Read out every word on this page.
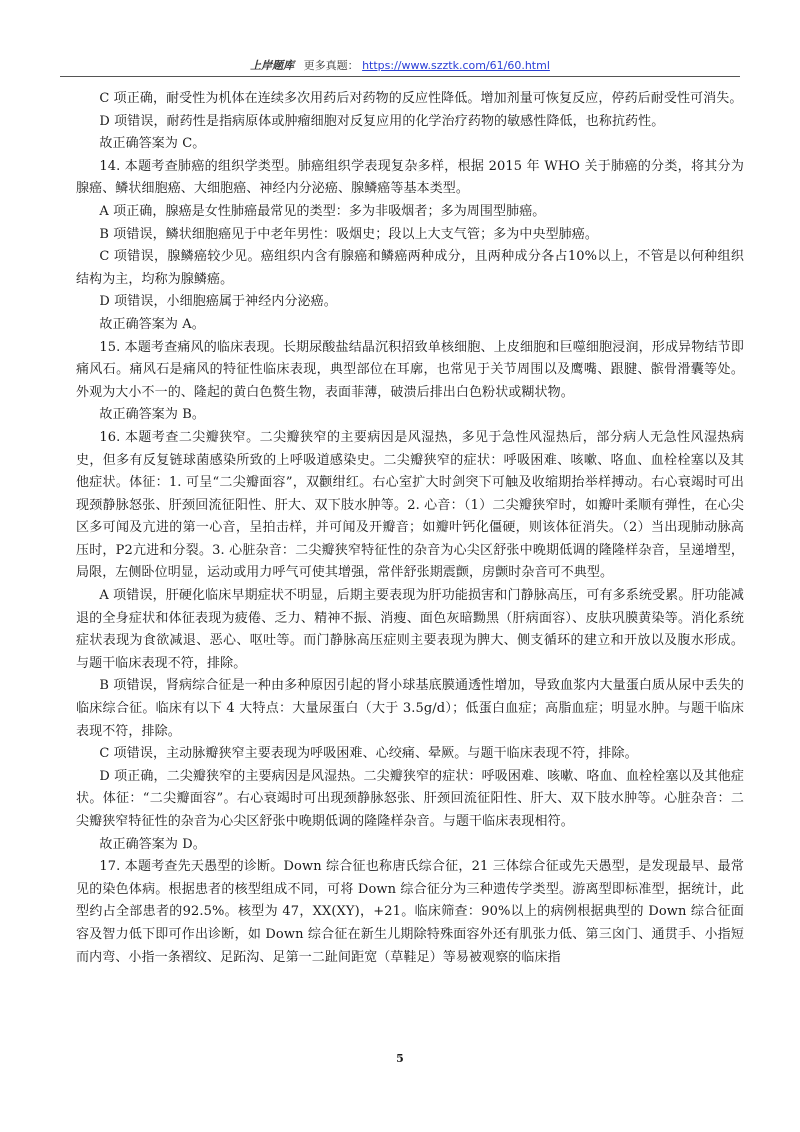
上岸题库 更多真题： https://www.szztk.com/61/60.html

C 项正确，耐受性为机体在连续多次用药后对药物的反应性降低。增加剂量可恢复反应，停药后耐受性可消失。

D 项错误，耐药性是指病原体或肿瘤细胞对反复应用的化学治疗药物的敏感性降低，也称抗药性。

故正确答案为 C。

14. 本题考查肺癌的组织学类型。肺癌组织学表现复杂多样，根据 2015 年 WHO 关于肺癌的分类，将其分为腺癌、鳞状细胞癌、大细胞癌、神经内分泌癌、腺鳞癌等基本类型。

A 项正确，腺癌是女性肺癌最常见的类型：多为非吸烟者；多为周围型肺癌。

B 项错误，鳞状细胞癌见于中老年男性：吸烟史；段以上大支气管；多为中央型肺癌。

C 项错误，腺鳞癌较少见。癌组织内含有腺癌和鳞癌两种成分，且两种成分各占10%以上，不管是以何种组织结构为主，均称为腺鳞癌。

D 项错误，小细胞癌属于神经内分泌癌。

故正确答案为 A。

15. 本题考查痛风的临床表现。长期尿酸盐结晶沉积招致单核细胞、上皮细胞和巨噬细胞浸润，形成异物结节即痛风石。痛风石是痛风的特征性临床表现，典型部位在耳廓，也常见于关节周围以及鹰嘴、跟腱、髌骨滑囊等处。外观为大小不一的、隆起的黄白色赘生物，表面菲薄，破溃后排出白色粉状或糊状物。

故正确答案为 B。

16. 本题考查二尖瓣狭窄。二尖瓣狭窄的主要病因是风湿热，多见于急性风湿热后，部分病人无急性风湿热病史，但多有反复链球菌感染所致的上呼吸道感染史。二尖瓣狭窄的症状：呼吸困难、咳嗽、咯血、血栓栓塞以及其他症状。体征：1. 可呈“二尖瓣面容”，双颧绀红。右心室扩大时剑突下可触及收缩期抬举样搏动。右心衰竭时可出现颈静脉怒张、肝颈回流征阳性、肝大、双下肢水肿等。2. 心音：（1）二尖瓣狭窄时，如瓣叶柔顺有弹性，在心尖区多可闻及亢进的第一心音，呈拍击样，并可闻及开瓣音；如瓣叶钙化僵硬，则该体征消失。（2）当出现肺动脉高压时，P2亢进和分裂。3. 心脏杂音：二尖瓣狭窄特征性的杂音为心尖区舒张中晚期低调的隆隆样杂音，呈递增型，局限，左侧卧位明显，运动或用力呼气可使其增强，常伴舒张期震颤，房颤时杂音可不典型。

A 项错误，肝硬化临床早期症状不明显，后期主要表现为肝功能损害和门静脉高压，可有多系统受累。肝功能减退的全身症状和体征表现为疲倦、乏力、精神不振、消瘦、面色灰暗黝黑（肝病面容）、皮肤巩膜黄染等。消化系统症状表现为食欲减退、恶心、呕吐等。而门静脉高压症则主要表现为脾大、侧支循环的建立和开放以及腹水形成。与题干临床表现不符，排除。

B 项错误，肾病综合征是一种由多种原因引起的肾小球基底膜通透性增加，导致血浆内大量蛋白质从尿中丢失的临床综合征。临床有以下 4 大特点：大量尿蛋白（大于 3.5g/d）；低蛋白血症；高脂血症；明显水肿。与题干临床表现不符，排除。

C 项错误，主动脉瓣狭窄主要表现为呼吸困难、心绞痛、晕厥。与题干临床表现不符，排除。

D 项正确，二尖瓣狭窄的主要病因是风湿热。二尖瓣狭窄的症状：呼吸困难、咳嗽、咯血、血栓栓塞以及其他症状。体征：“二尖瓣面容”。右心衰竭时可出现颈静脉怒张、肝颈回流征阳性、肝大、双下肢水肿等。心脏杂音：二尖瓣狭窄特征性的杂音为心尖区舒张中晚期低调的隆隆样杂音。与题干临床表现相符。

故正确答案为 D。

17. 本题考查先天愚型的诊断。Down 综合征也称唐氏综合征，21 三体综合征或先天愚型，是发现最早、最常见的染色体病。根据患者的核型组成不同，可将 Down 综合征分为三种遗传学类型。游离型即标准型，据统计，此型约占全部患者的92.5%。核型为 47，XX(XY)，+21。临床筛查：90%以上的病例根据典型的 Down 综合征面容及智力低下即可作出诊断，如 Down 综合征在新生儿期除特殊面容外还有肌张力低、第三囟门、通贯手、小指短而内弯、小指一条褶纹、足跖沟、足第一二趾间距宽（草鞋足）等易被观察的临床指

5
